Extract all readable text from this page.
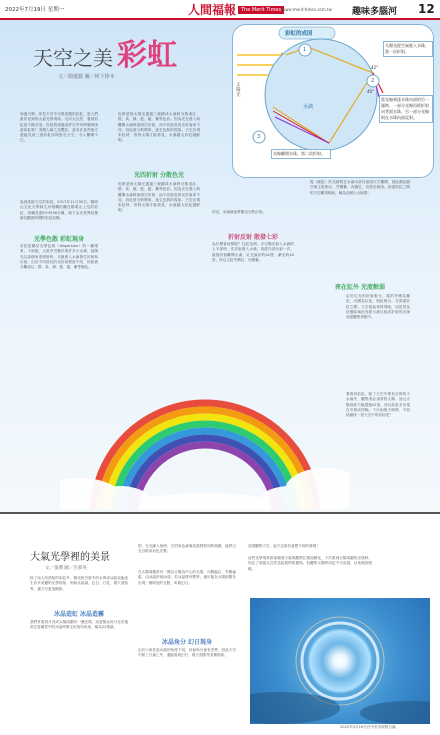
2022年7月19日 星期一	人間福報 The Merit Times www.merit-times.com.tw 趣味多腦河 12
天空之美 彩虹
文／閻蓮賢 圖／何下捧本
彩虹的成因
太陽光
水滴
42°
40°
1
2
3
太陽光從空氣進入水珠，第一次折射。
當光線到達水珠內部的另一邊時，一部分光線再經折射向背面水珠，另一部分光線則在水珠內部反射。
光線離開水珠，第二次折射。
雨過天晴，常在天空中出現美麗的彩虹，是人們最常見到的大氣光學現象。走向大自然，看到彩虹是不錯享受。你曾看到過或許空中同時懸著兩道彩虹嗎？美國人稱之為雙虹，甚至在某些地方還能見到三道彩虹同時掛在天空，令人驚嘆不已。
說到高掛天空的彩虹，2017年11月30日，陽明山文化大學師生用相機拍攝在陽明山上空的彩虹，持續長達8小時58分鐘，創下金氏世界紀錄最長觀看時間的彩虹紀錄。
光學色散 彩虹現身
彩虹是屬於光學色散（dispersion）的一種現象。下雨後，大氣中仍懸浮著許多小水滴，當陽光以某個角度照射時，光線進入水滴發生折射與反射，由於不同波長的光折射程度不同，因而被分離成紅、橙、黃、綠、藍、靛、紫等顏色。
色散是指太陽光通過三稜鏡或水滴時分散成紅、橙、黃、綠、藍、靛、紫等色彩。因為光在進入與離開水滴時會兩次折射，而不同波長的光折射率不同，因此被分散開來，產生色散的現象。天空出現彩虹時，背對太陽才能看見，水滴越大彩虹越鮮明。
光四折射 分散色光
色散是指太陽光通過三稜鏡或水滴時分散成紅、橙、黃、綠、藍、靛、紫等色彩。因為光在進入與離開水滴時會兩次折射，而不同波長的光折射率不同，因此被分散開來，產生色散的現象。天空出現彩虹時，背對太陽才能看見，水滴越大彩虹越鮮明。	的光，水滴就會將陽光分散出來。
折射反射 散發七彩
為什麼會這樣呢？以虹為例，平行陽光射入水滴的上半部時，先折射進入水滴，再經內部反射一次，最後折射離開水滴，紅光偏折約42度，紫光約40度，所以主虹外圈紅、內圈紫。
霓（副虹）的光線則在水滴內部反射兩次才離開，因此顏色順序與主虹相反，外圈紫、內圈紅，亮度也較暗。兩道彩虹之間的天空顯得較暗，稱為亞歷山大暗帶。
亮在紅外 光度較弱
由於紅光的折射較小，霓的外圈為紫色，內圈為紅色，與虹相反。在兩道彩虹之間，天空看起來特別暗，這是因為這個區域沒有經水滴反射或折射的光線到達觀察者眼中。
要看到彩虹，除了天空中要有足夠的小水滴外，觀察者必須背對太陽，而且太陽高度不能超過42度，所以彩虹多出現在早晨或傍晚。下次雨後天晴時，不妨抬頭找一找天空中的彩虹吧！
大氣光學裡的美景
文／張灣 圖／呂慕英
除了雨人所熟知的彩虹外，陽光和空氣中的水珠或冰晶也能產生許多美麗的光學現象，例如冰晶暈、幻日、日柱、環天頂弧等，讓天空更加繽紛。
冰晶造虹 冰晶造霧
我們常看到月亮或太陽周圍有一圈光環，這是陽光或月光穿過高空卷層雲中的冰晶時發生折射所形成，稱為22度暈。
型，在光線入射時，它的角色就像是我們熟知的稜鏡，能將白光分散成彩色光帶。
在太陽周圍常有一圈以太陽為中心的光環，內側偏紅、外側偏藍，由冰晶折射而成。若冰晶排列整齊，還可能在太陽兩側各出現一個明亮的光點，叫做幻日。
冰晶角分 幻日現身
由於六角柱狀冰晶的角度不同，折射角分會有差異，因此天空中除了日暈之外，還能看到幻日、環天頂弧等美麗現象。
試著觀察天空，說不定會有意想不到的發現！
這些光學現象都會隨著天氣與觀察位置而變化，下次看到太陽周圍的光環時，別忘了欣賞大自然送給我們的禮物。但觀察太陽時切記不可直視，以免傷害眼睛。
2022年5月16日台中市出現的日暈。
